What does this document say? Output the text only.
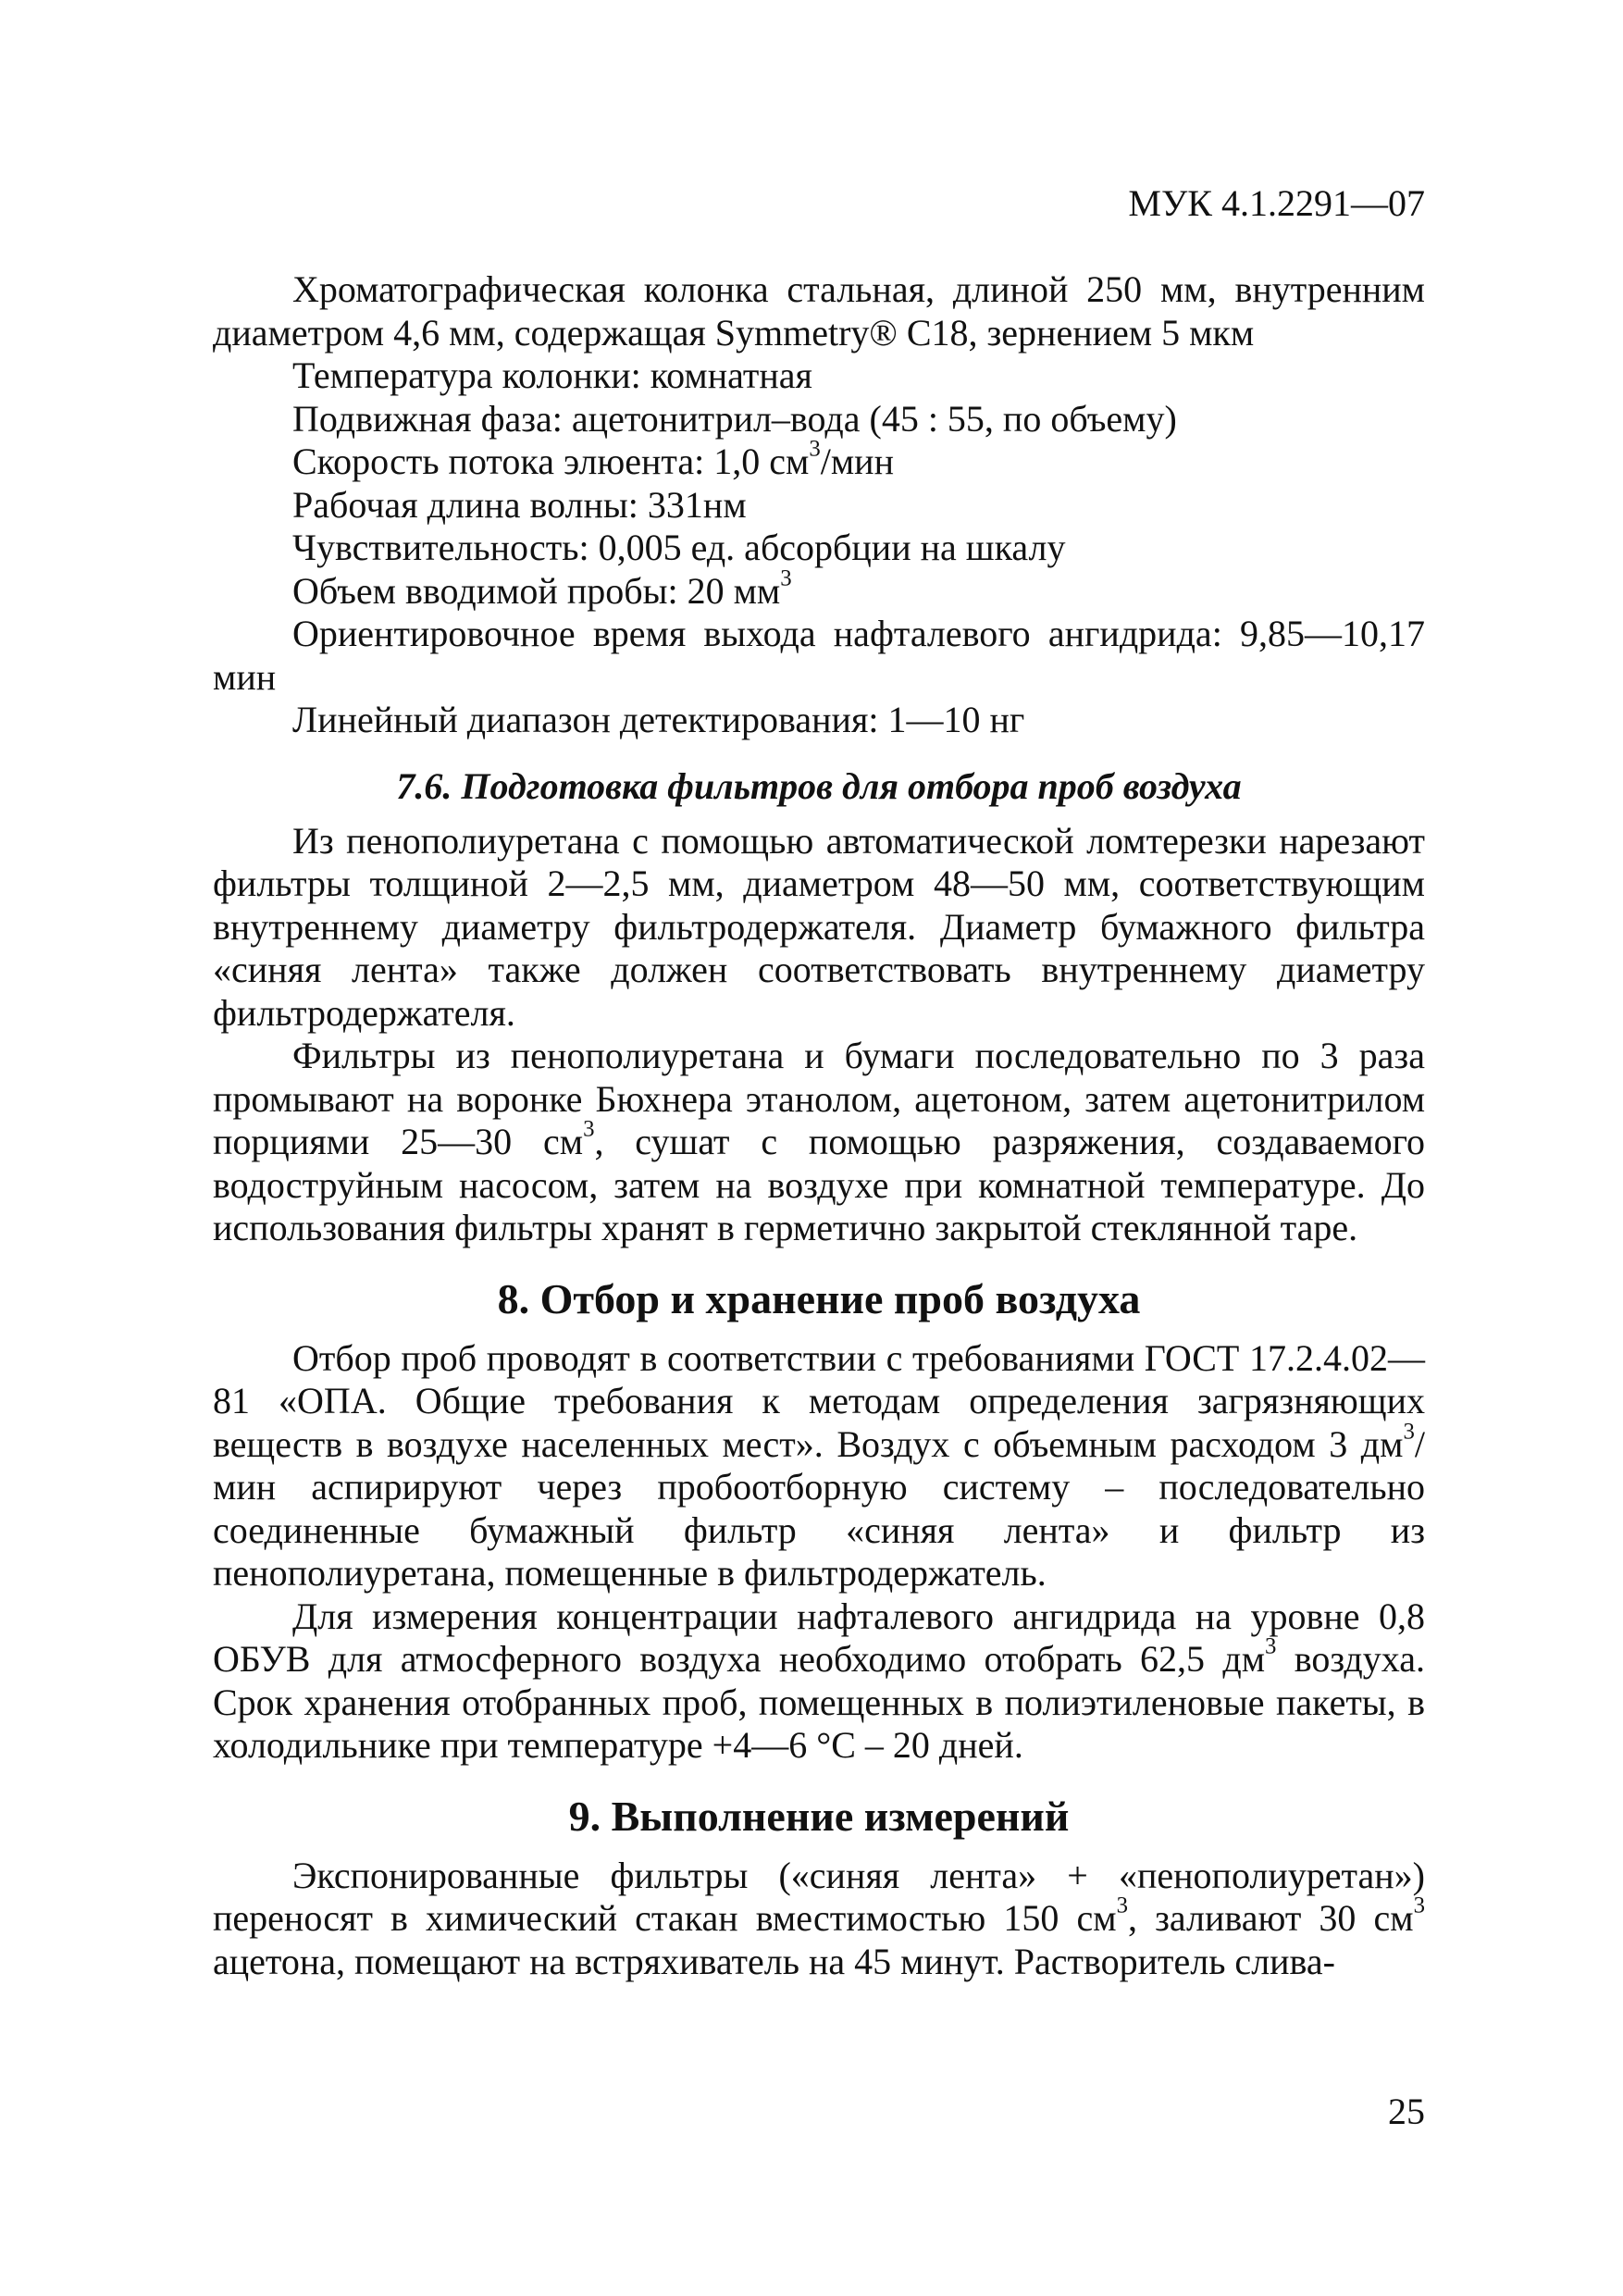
МУК 4.1.2291—07

Хроматографическая колонка стальная, длиной 250 мм, внутренним диаметром 4,6 мм, содержащая Symmetry® С18, зернением 5 мкм

Температура колонки: комнатная

Подвижная фаза: ацетонитрил–вода (45 : 55, по объему)

Скорость потока элюента: 1,0 $см^3$/мин

Рабочая длина волны: 331нм

Чувствительность: 0,005 ед. абсорбции на шкалу

Объем вводимой пробы: 20 $мм^3$

Ориентировочное время выхода нафталевого ангидрида: 9,85—10,17 мин

Линейный диапазон детектирования: 1—10 нг

7.6. Подготовка фильтров для отбора проб воздуха

Из пенополиуретана с помощью автоматической ломтерезки нарезают фильтры толщиной 2—2,5 мм, диаметром 48—50 мм, соответствующим внутреннему диаметру фильтродержателя. Диаметр бумажного фильтра «синяя лента» также должен соответствовать внутреннему диаметру фильтродержателя.

Фильтры из пенополиуретана и бумаги последовательно по 3 раза промывают на воронке Бюхнера этанолом, ацетоном, затем ацетонитрилом порциями 25—30 $см^3$, сушат с помощью разряжения, создаваемого водоструйным насосом, затем на воздухе при комнатной температуре. До использования фильтры хранят в герметично закрытой стеклянной таре.

8. Отбор и хранение проб воздуха

Отбор проб проводят в соответствии с требованиями ГОСТ 17.2.4.02—81 «ОПА. Общие требования к методам определения загрязняющих веществ в воздухе населенных мест». Воздух с объемным расходом 3 $дм^3$/мин аспирируют через пробоотборную систему – последовательно соединенные бумажный фильтр «синяя лента» и фильтр из пенополиуретана, помещенные в фильтродержатель.

Для измерения концентрации нафталевого ангидрида на уровне 0,8 ОБУВ для атмосферного воздуха необходимо отобрать 62,5 $дм^3$ воздуха. Срок хранения отобранных проб, помещенных в полиэтиленовые пакеты, в холодильнике при температуре +4—6 °С – 20 дней.

9. Выполнение измерений

Экспонированные фильтры («синяя лента» + «пенополиуретан») переносят в химический стакан вместимостью 150 $см^3$, заливают 30 $см^3$ ацетона, помещают на встряхиватель на 45 минут. Растворитель слива-

25
